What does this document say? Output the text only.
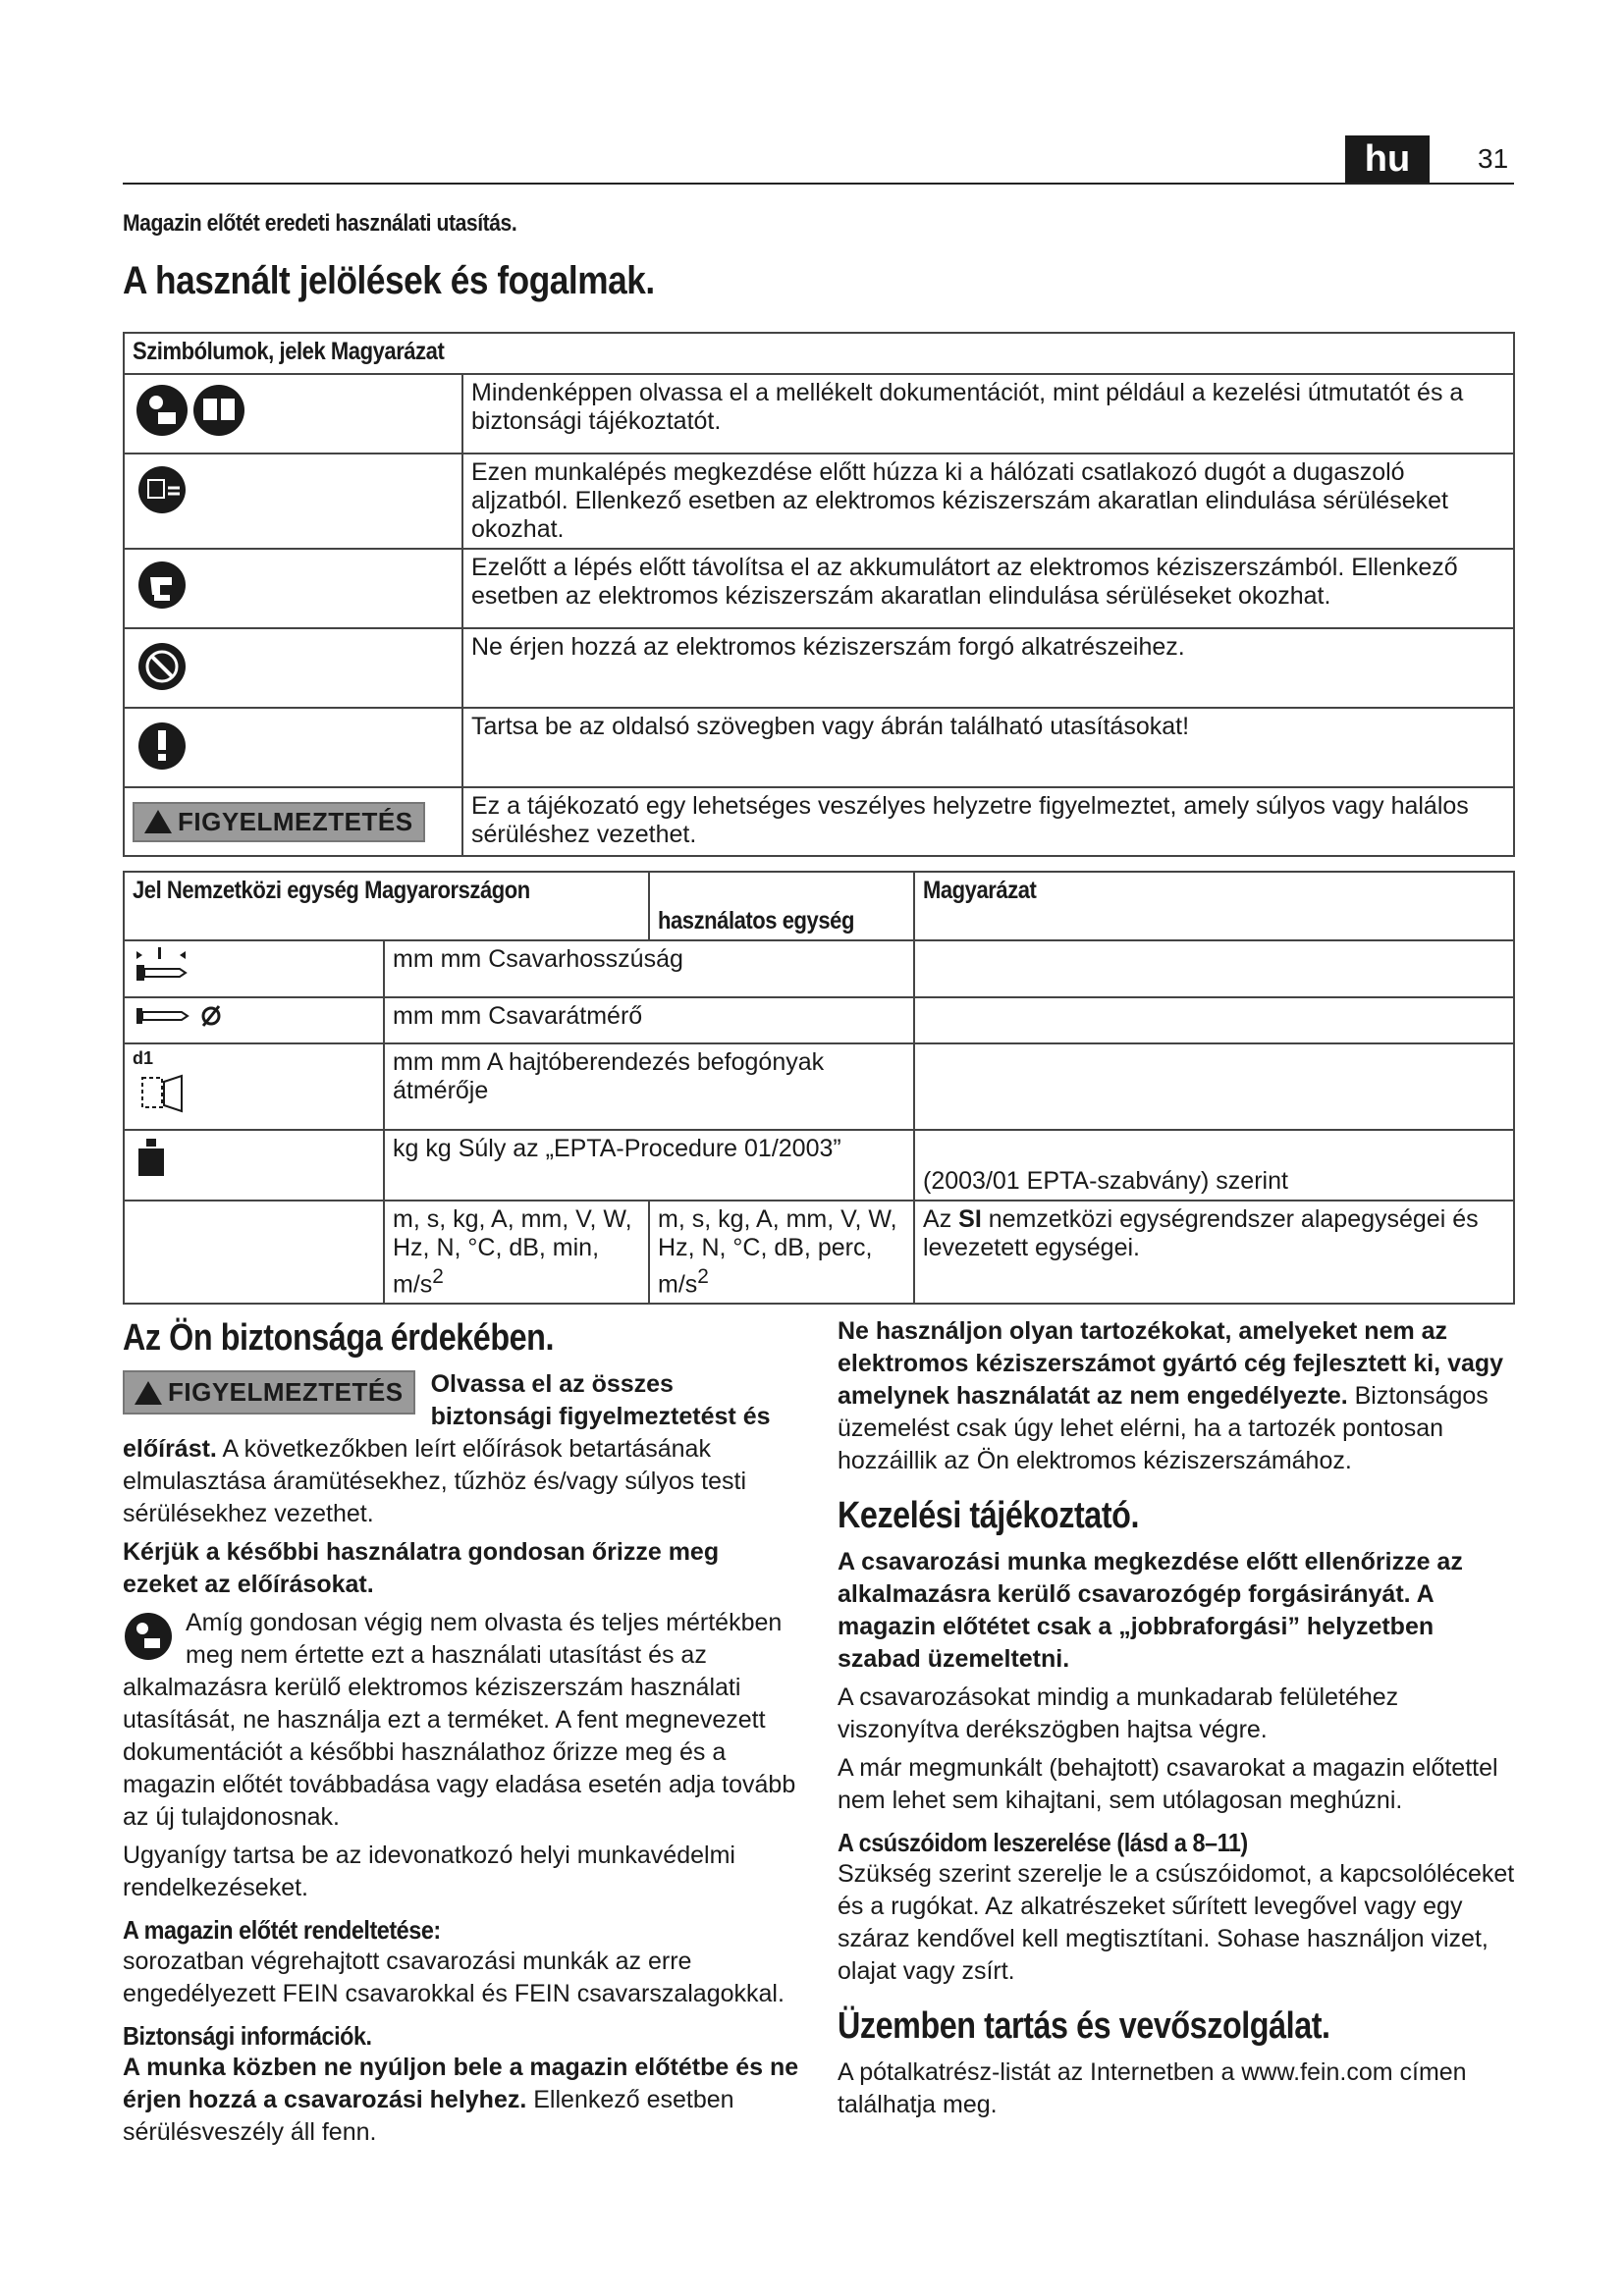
hu	31
Magazin előtét eredeti használati utasítás.
A használt jelölések és fogalmak.
Szimbólumok, jelek Magyarázat	
	Mindenképpen olvassa el a mellékelt dokumentációt, mint például a kezelési útmutatót és a biztonsági tájékoztatót.
	Ezen munkalépés megkezdése előtt húzza ki a hálózati csatlakozó dugót a dugaszoló aljzatból. Ellenkező esetben az elektromos kéziszerszám akaratlan elindulása sérüléseket okozhat.
	Ezelőtt a lépés előtt távolítsa el az akkumulátort az elektromos kéziszerszámból. Ellenkező esetben az elektromos kéziszerszám akaratlan elindulása sérüléseket okozhat.
	Ne érjen hozzá az elektromos kéziszerszám forgó alkatrészeihez.
	Tartsa be az oldalsó szövegben vagy ábrán található utasításokat!

FIGYELMEZTETÉS	Ez a tájékozató egy lehetséges veszélyes helyzetre figyelmeztet, amely súlyos vagy halálos sérüléshez vezethet.
Jel Nemzetközi egység Magyarországon		használatos egység	Magyarázat
	mm mm Csavarhosszúság		
	mm mm Csavarátmérő		

d1	mm mm A hajtóberendezés befogónyak átmérője		
	kg kg Súly az „EPTA-Procedure 01/2003”		(2003/01 EPTA-szabvány) szerint
	m, s, kg, A, mm, V, W, Hz, N, °C, dB, min, $m/s^2$	m, s, kg, A, mm, V, W, Hz, N, °C, dB, perc, $m/s^2$	Az SI nemzetközi egységrendszer alapegységei és levezetett egységei.
Az Ön biztonsága érdekében.

FIGYELMEZTETÉS Olvassa el az összes biztonsági figyelmeztetést és előírást. A következőkben leírt előírások betartásának elmulasztása áramütésekhez, tűzhöz és/vagy súlyos testi sérülésekhez vezethet.

Kérjük a későbbi használatra gondosan őrizze meg ezeket az előírásokat.

Amíg gondosan végig nem olvasta és teljes mértékben meg nem értette ezt a használati utasítást és az alkalmazásra kerülő elektromos kéziszerszám használati utasítását, ne használja ezt a terméket. A fent megnevezett dokumentációt a későbbi használathoz őrizze meg és a magazin előtét továbbadása vagy eladása esetén adja tovább az új tulajdonosnak.

Ugyanígy tartsa be az idevonatkozó helyi munkavédelmi rendelkezéseket.

A magazin előtét rendeltetése:

sorozatban végrehajtott csavarozási munkák az erre engedélyezett FEIN csavarokkal és FEIN csavarszalagokkal.

Biztonsági információk.

A munka közben ne nyúljon bele a magazin előtétbe és ne érjen hozzá a csavarozási helyhez. Ellenkező esetben sérülésveszély áll fenn.

Ne használjon olyan tartozékokat, amelyeket nem az elektromos kéziszerszámot gyártó cég fejlesztett ki, vagy amelynek használatát az nem engedélyezte. Biztonságos üzemelést csak úgy lehet elérni, ha a tartozék pontosan hozzáillik az Ön elektromos kéziszerszámához.

Kezelési tájékoztató.

A csavarozási munka megkezdése előtt ellenőrizze az alkalmazásra kerülő csavarozógép forgásirányát. A magazin előtétet csak a „jobbraforgási” helyzetben szabad üzemeltetni.

A csavarozásokat mindig a munkadarab felületéhez viszonyítva derékszögben hajtsa végre.

A már megmunkált (behajtott) csavarokat a magazin előtettel nem lehet sem kihajtani, sem utólagosan meghúzni.

A csúszóidom leszerelése (lásd a 8–11)

Szükség szerint szerelje le a csúszóidomot, a kapcsolóléceket és a rugókat. Az alkatrészeket sűrített levegővel vagy egy száraz kendővel kell megtisztítani. Sohase használjon vizet, olajat vagy zsírt.

Üzemben tartás és vevőszolgálat.

A pótalkatrész-listát az Internetben a www.fein.com címen találhatja meg.
